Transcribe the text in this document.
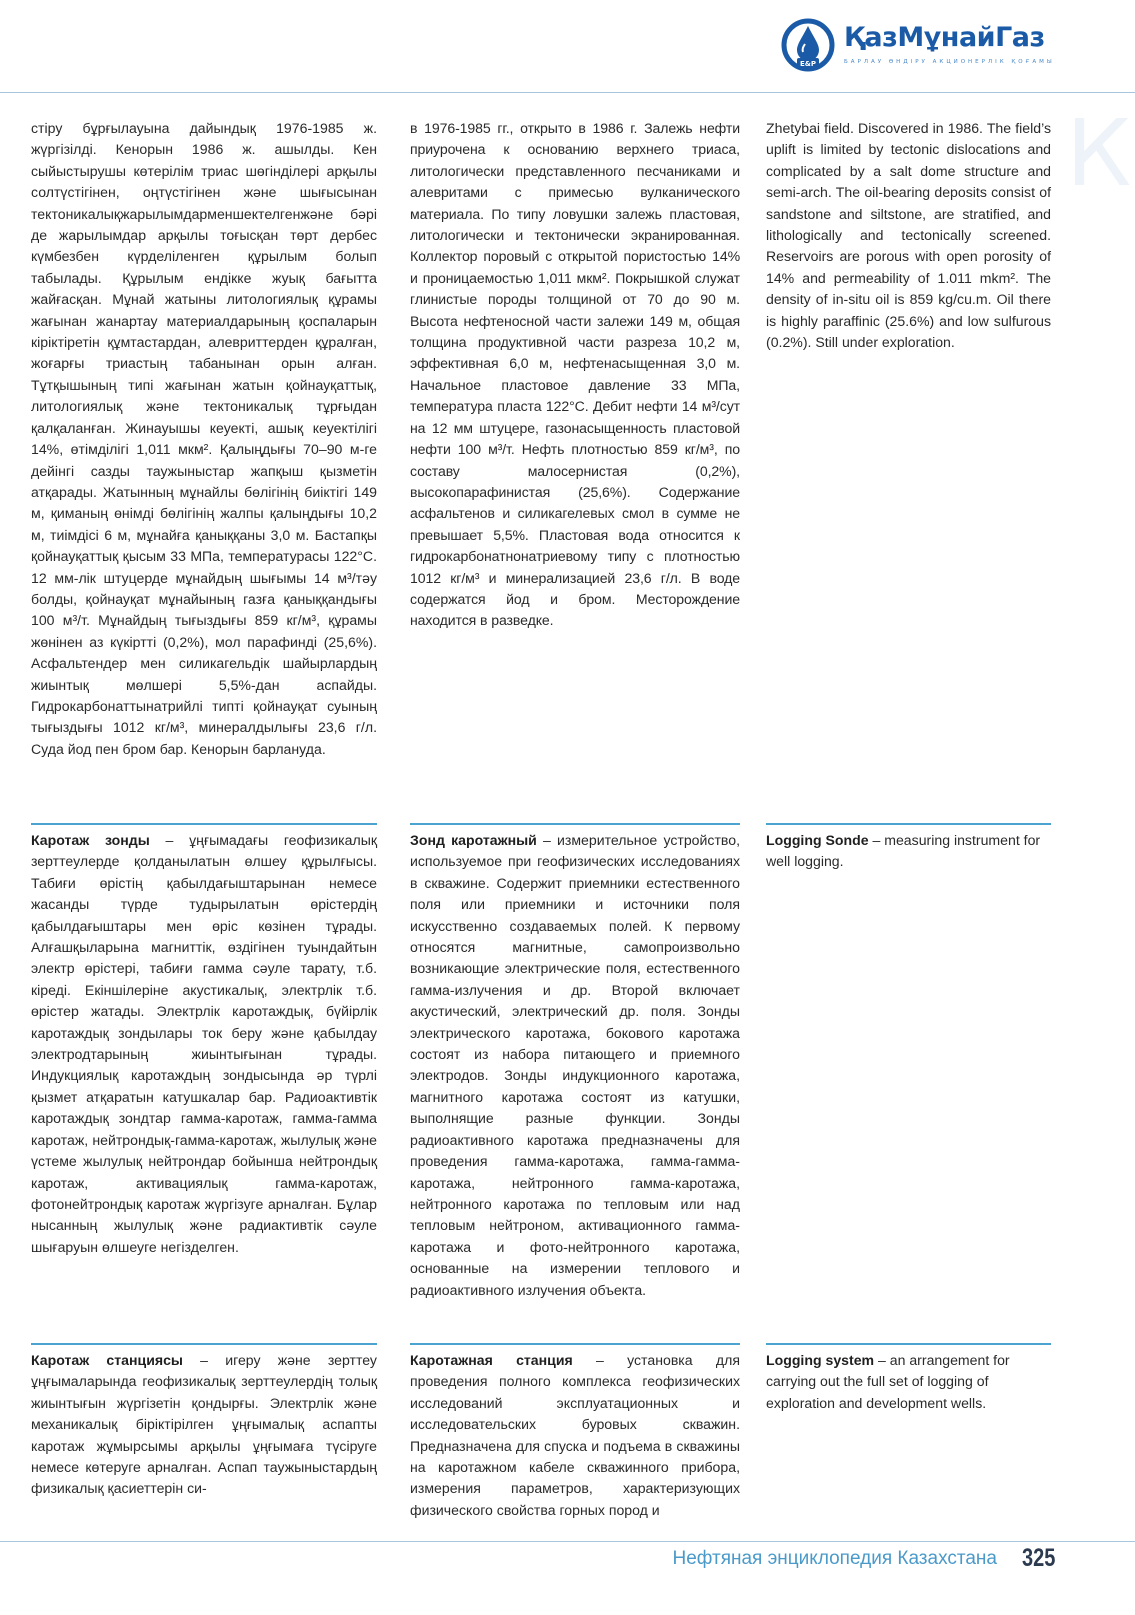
E&P
ҚазМұнайГаз
БАРЛАУ ӨНДІРУ АКЦИОНЕРЛІК ҚОҒАМЫ
К

стіру бұрғылауына дайындық 1976-1985 ж. жүргізілді. Кенорын 1986 ж. ашылды. Кен сыйыстырушы көтерілім триас шөгінділері арқылы солтүстігінен, оңтүстігінен және шығысынан тектоникалықжарылымдарменшектелгенжәне бәрі де жарылымдар арқылы тоғысқан төрт дербес күмбезбен күрделіленген құрылым болып табылады. Құрылым ендікке жуық бағытта жайғасқан. Мұнай жатыны литологиялық құрамы жағынан жанартау материалдарының қоспаларын кіріктіретін құмтастардан, алевриттерден құралған, жоғарғы триастың табанынан орын алған. Тұтқышының типі жағынан жатын қойнауқаттық, литологиялық және тектоникалық тұрғыдан қалқаланған. Жинауышы кеуекті, ашық кеуектілігі 14%, өтімділігі 1,011 мкм². Қалыңдығы 70–90 м-ге дейінгі сазды таужыныстар жапқыш қызметін атқарады. Жатынның мұнайлы бөлігінің биіктігі 149 м, қиманың өнімді бөлігінің жалпы қалыңдығы 10,2 м, тиімдісі 6 м, мұнайға қаныққаны 3,0 м. Бастапқы қойнауқаттық қысым 33 МПа, температурасы 122°С. 12 мм-лік штуцерде мұнайдың шығымы 14 м³/тәу болды, қойнауқат мұнайының газға қаныққандығы 100 м³/т. Мұнайдың тығыздығы 859 кг/м³, құрамы жөнінен аз күкіртті (0,2%), мол парафинді (25,6%). Асфальтендер мен силикагельдік шайырлардың жиынтық мөлшері 5,5%-дан аспайды. Гидрокарбонаттынатрийлі типті қойнауқат суының тығыздығы 1012 кг/м³, минералдылығы 23,6 г/л. Суда йод пен бром бар. Кенорын барлануда.

в 1976-1985 гг., открыто в 1986 г. Залежь нефти приурочена к основанию верхнего триаса, литологически представленного песчаниками и алевритами с примесью вулканического материала. По типу ловушки залежь пластовая, литологически и тектонически экранированная. Коллектор поровый с открытой пористостью 14% и проницаемостью 1,011 мкм². Покрышкой служат глинистые породы толщиной от 70 до 90 м. Высота нефтеносной части залежи 149 м, общая толщина продуктивной части разреза 10,2 м, эффективная 6,0 м, нефтенасыщенная 3,0 м. Начальное пластовое давление 33 МПа, температура пласта 122°С. Дебит нефти 14 м³/сут на 12 мм штуцере, газонасыщенность пластовой нефти 100 м³/т. Нефть плотностью 859 кг/м³, по составу малосернистая (0,2%), высокопарафинистая (25,6%). Содержание асфальтенов и силикагелевых смол в сумме не превышает 5,5%. Пластовая вода относится к гидрокарбонатнонатриевому типу с плотностью 1012 кг/м³ и минерализацией 23,6 г/л. В воде содержатся йод и бром. Месторождение находится в разведке.

Zhetybai field. Discovered in 1986. The field’s uplift is limited by tectonic dislocations and complicated by a salt dome structure and semi-arch. The oil-bearing deposits consist of sandstone and siltstone, are stratified, and lithologically and tectonically screened. Reservoirs are porous with open porosity of 14% and permeability of 1.011 mkm². The density of in-situ oil is 859 kg/cu.m. Oil there is highly paraffinic (25.6%) and low sulfurous (0.2%). Still under exploration.

Каротаж зонды – ұңғымадағы геофизикалық зерттеулерде қолданылатын өлшеу құрылғысы. Табиғи өрістің қабылдағыштарынан немесе жасанды түрде тудырылатын өрістердің қабылдағыштары мен өріс көзінен тұрады. Алғашқыларына магниттік, өздігінен туындайтын электр өрістері, табиғи гамма сәуле тарату, т.б. кіреді. Екіншілеріне акустикалық, электрлік т.б. өрістер жатады. Электрлік каротаждық, бүйірлік каротаждық зондылары ток беру және қабылдау электродтарының жиынтығынан тұрады. Индукциялық каротаждың зондысында әр түрлі қызмет атқаратын катушкалар бар. Радиоактивтік каротаждық зондтар гамма-каротаж, гамма-гамма каротаж, нейтрондық-гамма-каротаж, жылулық және үстеме жылулық нейтрондар бойынша нейтрондық каротаж, активациялық гамма-каротаж, фотонейтрондық каротаж жүргізуге арналған. Бұлар нысанның жылулық және радиактивтік сәуле шығаруын өлшеуге негізделген.

Зонд каротажный – измерительное устройство, используемое при геофизических исследованиях в скважине. Содержит приемники естественного поля или приемники и источники поля искусственно создаваемых полей. К первому относятся магнитные, самопроизвольно возникающие электрические поля, естественного гамма-излучения и др. Второй включает акустический, электрический др. поля. Зонды электрического каротажа, бокового каротажа состоят из набора питающего и приемного электродов. Зонды индукционного каротажа, магнитного каротажа состоят из катушки, выполнящие разные функции. Зонды радиоактивного каротажа предназначены для проведения гамма-каротажа, гамма-гамма-каротажа, нейтронного гамма-каротажа, нейтронного каротажа по тепловым или над тепловым нейтроном, активационного гамма-каротажа и фото-нейтронного каротажа, основанные на измерении теплового и радиоактивного излучения объекта.

Logging Sonde – measuring instrument for well logging.

Каротаж станциясы – игеру және зерттеу ұңғымаларында геофизикалық зерттеулердің толық жиынтығын жүргізетін қондырғы. Электрлік және механикалық біріктірілген ұңғымалық аспапты каротаж жұмырсымы арқылы ұңғымаға түсіруге немесе көтеруге арналған. Аспап таужыныстардың физикалық қасиеттерін си-

Каротажная станция – установка для проведения полного комплекса геофизических исследований эксплуатационных и исследовательских буровых скважин. Предназначена для спуска и подъема в скважины на каротажном кабеле скважинного прибора, измерения параметров, характеризующих физического свойства горных пород и

Logging system – an arrangement for carrying out the full set of logging of exploration and development wells.

Нефтяная энциклопедия Казахстана 325
